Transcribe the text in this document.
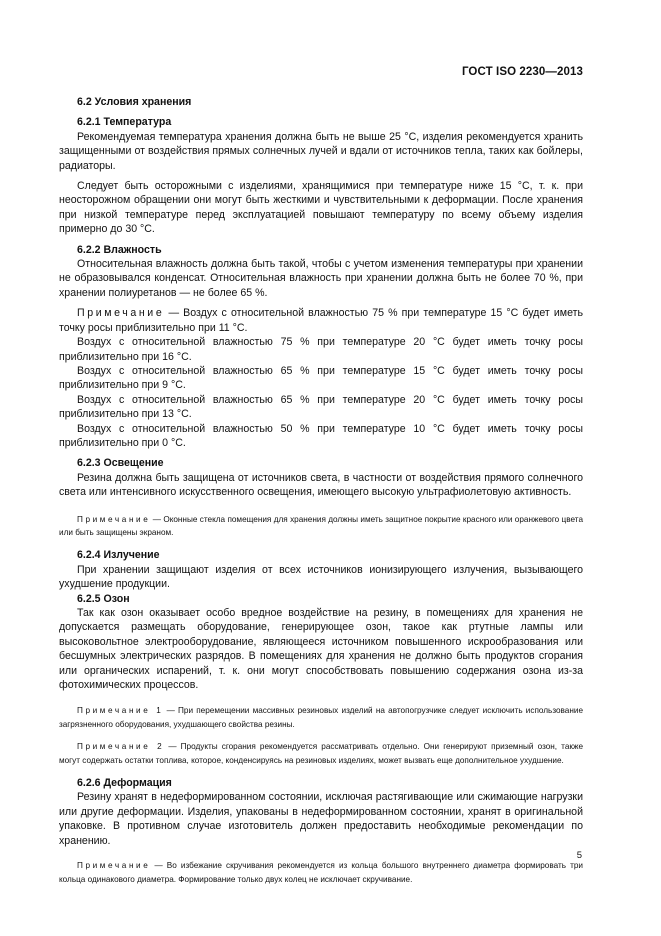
ГОСТ ISO 2230—2013

6.2 Условия хранения

6.2.1 Температура

Рекомендуемая температура хранения должна быть не выше 25 °С, изделия рекомендуется хранить защищенными от воздействия прямых солнечных лучей и вдали от источников тепла, таких как бойлеры, радиаторы.

Следует быть осторожными с изделиями, хранящимися при температуре ниже 15 °С, т. к. при неосторожном обращении они могут быть жесткими и чувствительными к деформации. После хранения при низкой температуре перед эксплуатацией повышают температуру по всему объему изделия примерно до 30 °С.

6.2.2 Влажность

Относительная влажность должна быть такой, чтобы с учетом изменения температуры при хранении не образовывался конденсат. Относительная влажность при хранении должна быть не более 70 %, при хранении полиуретанов — не более 65 %.

Примечание — Воздух с относительной влажностью 75 % при температуре 15 °С будет иметь точку росы приблизительно при 11 °С.

Воздух с относительной влажностью 75 % при температуре 20 °С будет иметь точку росы приблизительно при 16 °С.

Воздух с относительной влажностью 65 % при температуре 15 °С будет иметь точку росы приблизительно при 9 °С.

Воздух с относительной влажностью 65 % при температуре 20 °С будет иметь точку росы приблизительно при 13 °С.

Воздух с относительной влажностью 50 % при температуре 10 °С будет иметь точку росы приблизительно при 0 °С.

6.2.3 Освещение

Резина должна быть защищена от источников света, в частности от воздействия прямого солнечного света или интенсивного искусственного освещения, имеющего высокую ультрафиолетовую активность.

Примечание — Оконные стекла помещения для хранения должны иметь защитное покрытие красного или оранжевого цвета или быть защищены экраном.

6.2.4 Излучение

При хранении защищают изделия от всех источников ионизирующего излучения, вызывающего ухудшение продукции.

6.2.5 Озон

Так как озон оказывает особо вредное воздействие на резину, в помещениях для хранения не допускается размещать оборудование, генерирующее озон, такое как ртутные лампы или высоковольтное электрооборудование, являющееся источником повышенного искрообразования или бесшумных электрических разрядов. В помещениях для хранения не должно быть продуктов сгорания или органических испарений, т. к. они могут способствовать повышению содержания озона из-за фотохимических процессов.

Примечание 1 — При перемещении массивных резиновых изделий на автопогрузчике следует исключить использование загрязненного оборудования, ухудшающего свойства резины.

Примечание 2 — Продукты сгорания рекомендуется рассматривать отдельно. Они генерируют приземный озон, также могут содержать остатки топлива, которое, конденсируясь на резиновых изделиях, может вызвать еще дополнительное ухудшение.

6.2.6 Деформация

Резину хранят в недеформированном состоянии, исключая растягивающие или сжимающие нагрузки или другие деформации. Изделия, упакованы в недеформированном состоянии, хранят в оригинальной упаковке. В противном случае изготовитель должен предоставить необходимые рекомендации по хранению.

Примечание — Во избежание скручивания рекомендуется из кольца большого внутреннего диаметра формировать три кольца одинакового диаметра. Формирование только двух колец не исключает скручивание.

5
